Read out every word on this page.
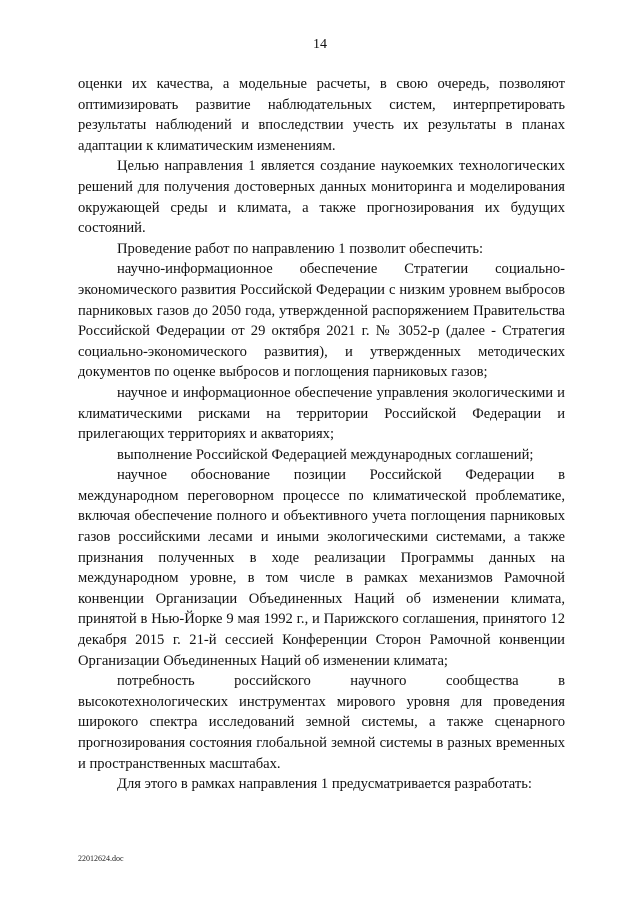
14

оценки их качества, а модельные расчеты, в свою очередь, позволяют оптимизировать развитие наблюдательных систем, интерпретировать результаты наблюдений и впоследствии учесть их результаты в планах адаптации к климатическим изменениям.

Целью направления 1 является создание наукоемких технологических решений для получения достоверных данных мониторинга и моделирования окружающей среды и климата, а также прогнозирования их будущих состояний.

Проведение работ по направлению 1 позволит обеспечить:

научно-информационное обеспечение Стратегии социально-экономического развития Российской Федерации с низким уровнем выбросов парниковых газов до 2050 года, утвержденной распоряжением Правительства Российской Федерации от 29 октября 2021 г. № 3052-р (далее - Стратегия социально-экономического развития), и утвержденных методических документов по оценке выбросов и поглощения парниковых газов;

научное и информационное обеспечение управления экологическими и климатическими рисками на территории Российской Федерации и прилегающих территориях и акваториях;

выполнение Российской Федерацией международных соглашений;

научное обоснование позиции Российской Федерации в международном переговорном процессе по климатической проблематике, включая обеспечение полного и объективного учета поглощения парниковых газов российскими лесами и иными экологическими системами, а также признания полученных в ходе реализации Программы данных на международном уровне, в том числе в рамках механизмов Рамочной конвенции Организации Объединенных Наций об изменении климата, принятой в Нью-Йорке 9 мая 1992 г., и Парижского соглашения, принятого 12 декабря 2015 г. 21-й сессией Конференции Сторон Рамочной конвенции Организации Объединенных Наций об изменении климата;

потребность российского научного сообщества в высокотехнологических инструментах мирового уровня для проведения широкого спектра исследований земной системы, а также сценарного прогнозирования состояния глобальной земной системы в разных временных и пространственных масштабах.

Для этого в рамках направления 1 предусматривается разработать:

22012624.doc
